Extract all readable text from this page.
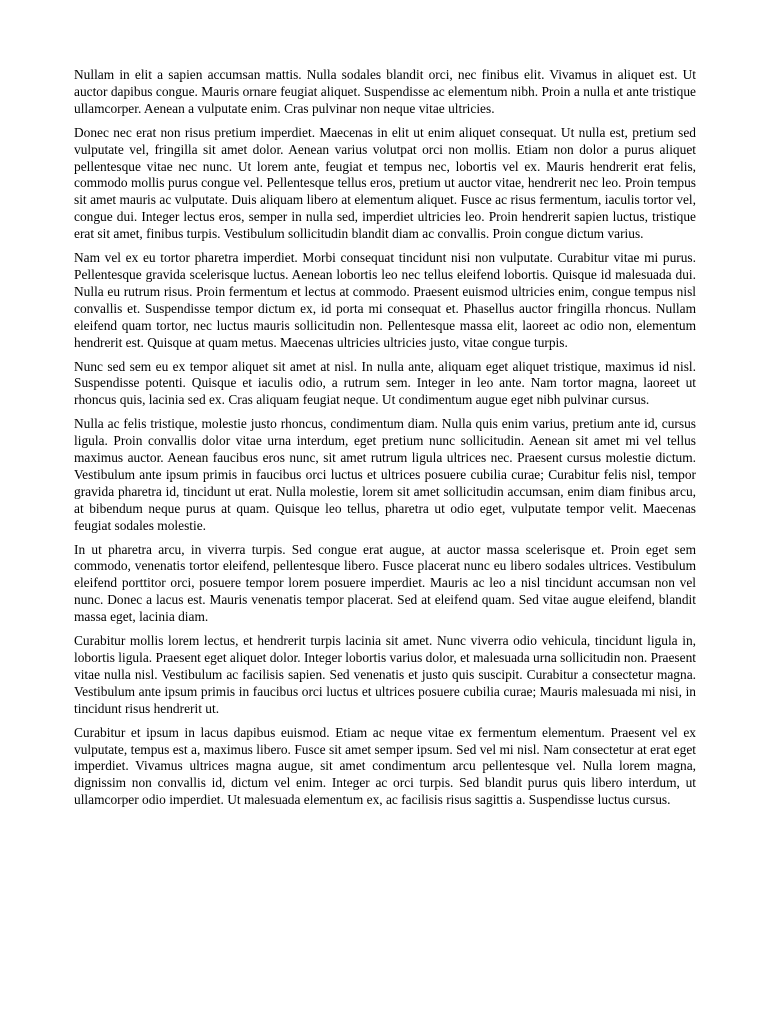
Nullam in elit a sapien accumsan mattis. Nulla sodales blandit orci, nec finibus elit. Vivamus in aliquet est. Ut auctor dapibus congue. Mauris ornare feugiat aliquet. Suspendisse ac elementum nibh. Proin a nulla et ante tristique ullamcorper. Aenean a vulputate enim. Cras pulvinar non neque vitae ultricies.

Donec nec erat non risus pretium imperdiet. Maecenas in elit ut enim aliquet consequat. Ut nulla est, pretium sed vulputate vel, fringilla sit amet dolor. Aenean varius volutpat orci non mollis. Etiam non dolor a purus aliquet pellentesque vitae nec nunc. Ut lorem ante, feugiat et tempus nec, lobortis vel ex. Mauris hendrerit erat felis, commodo mollis purus congue vel. Pellentesque tellus eros, pretium ut auctor vitae, hendrerit nec leo. Proin tempus sit amet mauris ac vulputate. Duis aliquam libero at elementum aliquet. Fusce ac risus fermentum, iaculis tortor vel, congue dui. Integer lectus eros, semper in nulla sed, imperdiet ultricies leo. Proin hendrerit sapien luctus, tristique erat sit amet, finibus turpis. Vestibulum sollicitudin blandit diam ac convallis. Proin congue dictum varius.

Nam vel ex eu tortor pharetra imperdiet. Morbi consequat tincidunt nisi non vulputate. Curabitur vitae mi purus. Pellentesque gravida scelerisque luctus. Aenean lobortis leo nec tellus eleifend lobortis. Quisque id malesuada dui. Nulla eu rutrum risus. Proin fermentum et lectus at commodo. Praesent euismod ultricies enim, congue tempus nisl convallis et. Suspendisse tempor dictum ex, id porta mi consequat et. Phasellus auctor fringilla rhoncus. Nullam eleifend quam tortor, nec luctus mauris sollicitudin non. Pellentesque massa elit, laoreet ac odio non, elementum hendrerit est. Quisque at quam metus. Maecenas ultricies ultricies justo, vitae congue turpis.

Nunc sed sem eu ex tempor aliquet sit amet at nisl. In nulla ante, aliquam eget aliquet tristique, maximus id nisl. Suspendisse potenti. Quisque et iaculis odio, a rutrum sem. Integer in leo ante. Nam tortor magna, laoreet ut rhoncus quis, lacinia sed ex. Cras aliquam feugiat neque. Ut condimentum augue eget nibh pulvinar cursus.

Nulla ac felis tristique, molestie justo rhoncus, condimentum diam. Nulla quis enim varius, pretium ante id, cursus ligula. Proin convallis dolor vitae urna interdum, eget pretium nunc sollicitudin. Aenean sit amet mi vel tellus maximus auctor. Aenean faucibus eros nunc, sit amet rutrum ligula ultrices nec. Praesent cursus molestie dictum. Vestibulum ante ipsum primis in faucibus orci luctus et ultrices posuere cubilia curae; Curabitur felis nisl, tempor gravida pharetra id, tincidunt ut erat. Nulla molestie, lorem sit amet sollicitudin accumsan, enim diam finibus arcu, at bibendum neque purus at quam. Quisque leo tellus, pharetra ut odio eget, vulputate tempor velit. Maecenas feugiat sodales molestie.

In ut pharetra arcu, in viverra turpis. Sed congue erat augue, at auctor massa scelerisque et. Proin eget sem commodo, venenatis tortor eleifend, pellentesque libero. Fusce placerat nunc eu libero sodales ultrices. Vestibulum eleifend porttitor orci, posuere tempor lorem posuere imperdiet. Mauris ac leo a nisl tincidunt accumsan non vel nunc. Donec a lacus est. Mauris venenatis tempor placerat. Sed at eleifend quam. Sed vitae augue eleifend, blandit massa eget, lacinia diam.

Curabitur mollis lorem lectus, et hendrerit turpis lacinia sit amet. Nunc viverra odio vehicula, tincidunt ligula in, lobortis ligula. Praesent eget aliquet dolor. Integer lobortis varius dolor, et malesuada urna sollicitudin non. Praesent vitae nulla nisl. Vestibulum ac facilisis sapien. Sed venenatis et justo quis suscipit. Curabitur a consectetur magna. Vestibulum ante ipsum primis in faucibus orci luctus et ultrices posuere cubilia curae; Mauris malesuada mi nisi, in tincidunt risus hendrerit ut.

Curabitur et ipsum in lacus dapibus euismod. Etiam ac neque vitae ex fermentum elementum. Praesent vel ex vulputate, tempus est a, maximus libero. Fusce sit amet semper ipsum. Sed vel mi nisl. Nam consectetur at erat eget imperdiet. Vivamus ultrices magna augue, sit amet condimentum arcu pellentesque vel. Nulla lorem magna, dignissim non convallis id, dictum vel enim. Integer ac orci turpis. Sed blandit purus quis libero interdum, ut ullamcorper odio imperdiet. Ut malesuada elementum ex, ac facilisis risus sagittis a. Suspendisse luctus cursus.
